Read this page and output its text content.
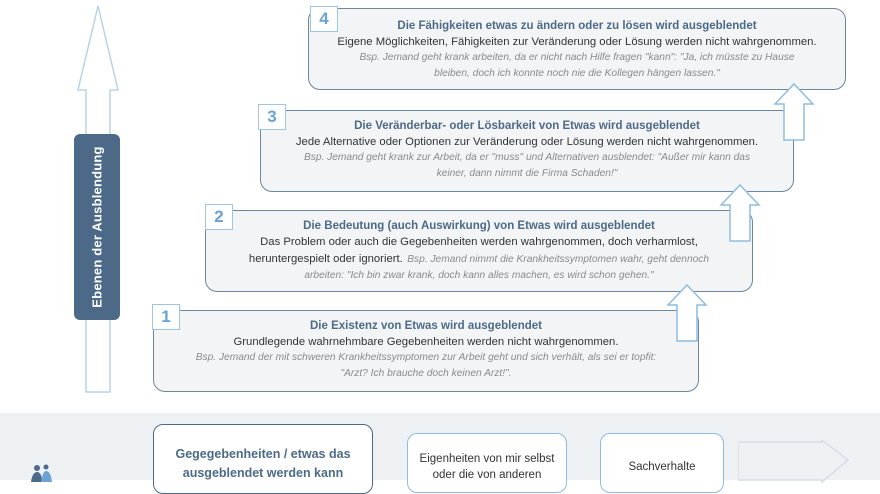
Ebenen der Ausblendung
Die Existenz von Etwas wird ausgeblendet
Grundlegende wahrnehmbare Gegebenheiten werden nicht wahrgenommen.
Bsp. Jemand der mit schweren Krankheitssymptomen zur Arbeit geht und sich verhält, als sei er topfit:
"Arzt? Ich brauche doch keinen Arzt!".
1
Die Bedeutung (auch Auswirkung) von Etwas wird ausgeblendet
Das Problem oder auch die Gegebenheiten werden wahrgenommen, doch verharmlost,
heruntergespielt oder ignoriert. Bsp. Jemand nimmt die Krankheitssymptomen wahr, geht dennoch
arbeiten: "Ich bin zwar krank, doch kann alles machen, es wird schon gehen."
2
Die Veränderbar- oder Lösbarkeit von Etwas wird ausgeblendet
Jede Alternative oder Optionen zur Veränderung oder Lösung werden nicht wahrgenommen.
Bsp. Jemand geht krank zur Arbeit, da er "muss" und Alternativen ausblendet: "Außer mir kann das
keiner, dann nimmt die Firma Schaden!"
3
Die Fähigkeiten etwas zu ändern oder zu lösen wird ausgeblendet
Eigene Möglichkeiten, Fähigkeiten zur Veränderung oder Lösung werden nicht wahrgenommen.
Bsp. Jemand geht krank arbeiten, da er nicht nach Hilfe fragen "kann": "Ja, ich müsste zu Hause
bleiben, doch ich konnte noch nie die Kollegen hängen lassen."
4
Gegegebenheiten / etwas das
ausgeblendet werden kann
Eigenheiten von mir selbst
oder die von anderen
Sachverhalte
